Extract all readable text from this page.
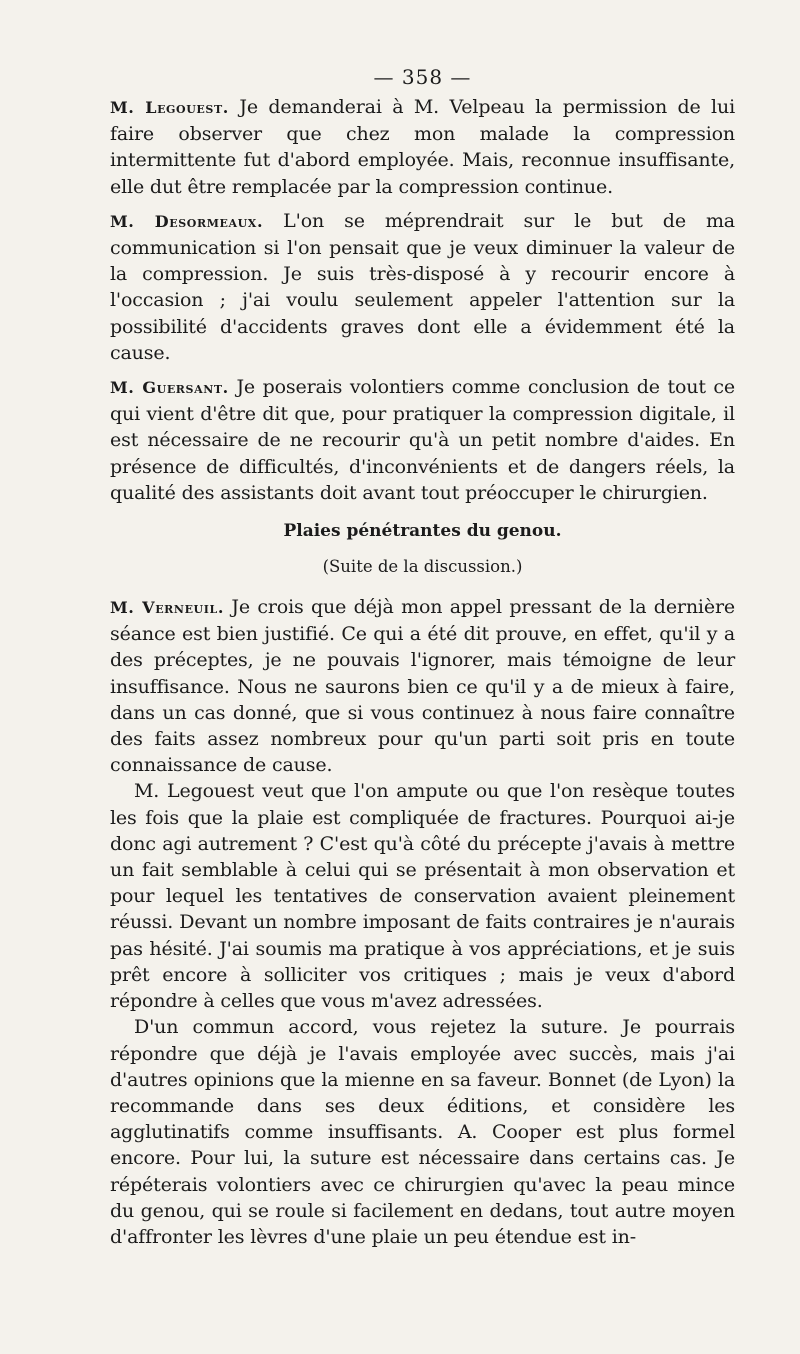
— 358 —

M. Legouest. Je demanderai à M. Velpeau la permission de lui faire observer que chez mon malade la compression intermittente fut d'abord employée. Mais, reconnue insuffisante, elle dut être remplacée par la compression continue.

M. Desormeaux. L'on se méprendrait sur le but de ma communication si l'on pensait que je veux diminuer la valeur de la compression. Je suis très-disposé à y recourir encore à l'occasion ; j'ai voulu seulement appeler l'attention sur la possibilité d'accidents graves dont elle a évidemment été la cause.

M. Guersant. Je poserais volontiers comme conclusion de tout ce qui vient d'être dit que, pour pratiquer la compression digitale, il est nécessaire de ne recourir qu'à un petit nombre d'aides. En présence de difficultés, d'inconvénients et de dangers réels, la qualité des assistants doit avant tout préoccuper le chirurgien.

Plaies pénétrantes du genou.
(Suite de la discussion.)

M. Verneuil. Je crois que déjà mon appel pressant de la dernière séance est bien justifié. Ce qui a été dit prouve, en effet, qu'il y a des préceptes, je ne pouvais l'ignorer, mais témoigne de leur insuffisance. Nous ne saurons bien ce qu'il y a de mieux à faire, dans un cas donné, que si vous continuez à nous faire connaître des faits assez nombreux pour qu'un parti soit pris en toute connaissance de cause.

M. Legouest veut que l'on ampute ou que l'on resèque toutes les fois que la plaie est compliquée de fractures. Pourquoi ai-je donc agi autrement ? C'est qu'à côté du précepte j'avais à mettre un fait semblable à celui qui se présentait à mon observation et pour lequel les tentatives de conservation avaient pleinement réussi. Devant un nombre imposant de faits contraires je n'aurais pas hésité. J'ai soumis ma pratique à vos appréciations, et je suis prêt encore à solliciter vos critiques ; mais je veux d'abord répondre à celles que vous m'avez adressées.

D'un commun accord, vous rejetez la suture. Je pourrais répondre que déjà je l'avais employée avec succès, mais j'ai d'autres opinions que la mienne en sa faveur. Bonnet (de Lyon) la recommande dans ses deux éditions, et considère les agglutinatifs comme insuffisants. A. Cooper est plus formel encore. Pour lui, la suture est nécessaire dans certains cas. Je répéterais volontiers avec ce chirurgien qu'avec la peau mince du genou, qui se roule si facilement en dedans, tout autre moyen d'affronter les lèvres d'une plaie un peu étendue est in-
